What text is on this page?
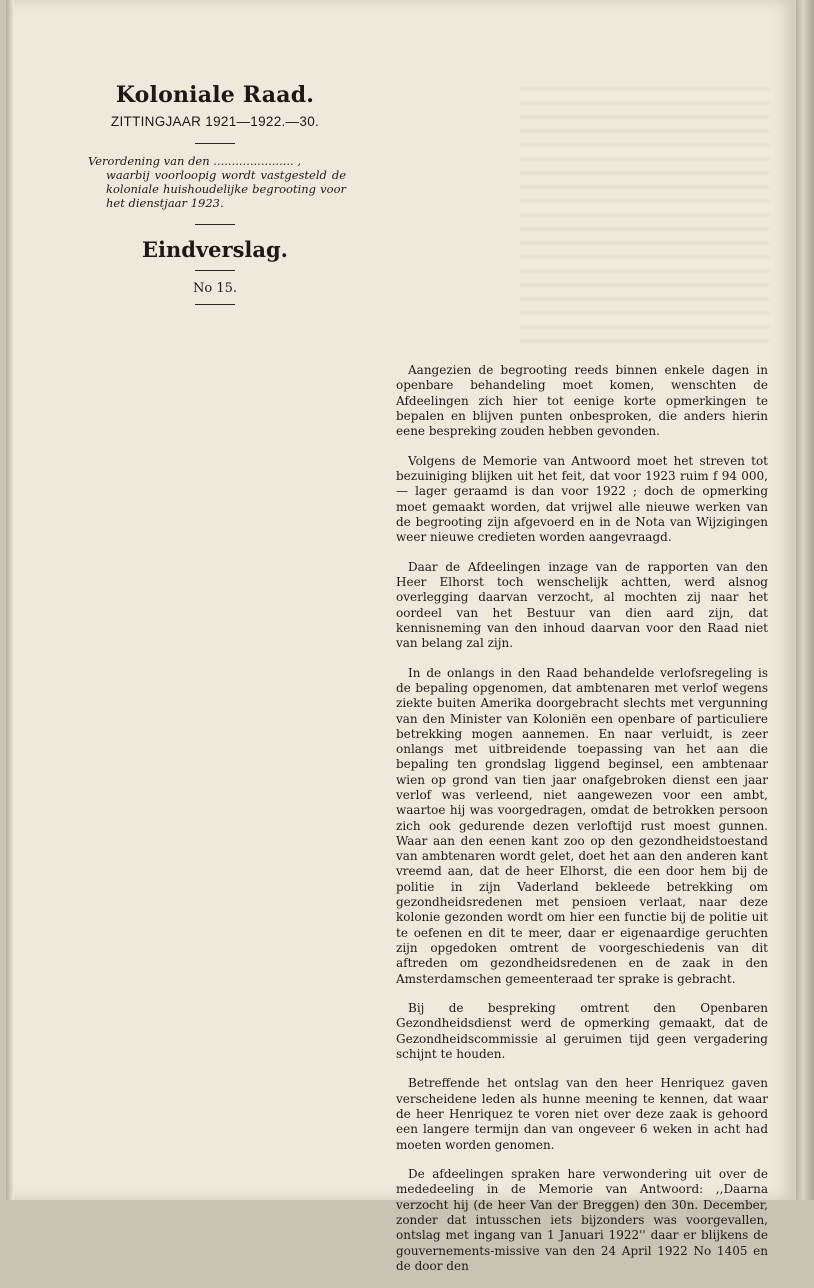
Koloniale Raad.
ZITTINGJAAR 1921—1922.—30.
Verordening van den ...................... ,
waarbij voorloopig wordt vastgesteld de koloniale huishoudelijke begrooting voor het dienstjaar 1923.
Eindverslag.
No 15.

Aangezien de begrooting reeds binnen enkele dagen in openbare behandeling moet komen, wenschten de Afdeelingen zich hier tot eenige korte opmerkingen te bepalen en blijven punten onbesproken, die anders hierin eene bespreking zouden hebben gevonden.

Volgens de Memorie van Antwoord moet het streven tot bezuiniging blijken uit het feit, dat voor 1923 ruim f 94 000,— lager geraamd is dan voor 1922 ; doch de opmerking moet gemaakt worden, dat vrijwel alle nieuwe werken van de begrooting zijn afgevoerd en in de Nota van Wijzigingen weer nieuwe credieten worden aangevraagd.

Daar de Afdeelingen inzage van de rapporten van den Heer Elhorst toch wenschelijk achtten, werd alsnog overlegging daarvan verzocht, al mochten zij naar het oordeel van het Bestuur van dien aard zijn, dat kennisneming van den inhoud daarvan voor den Raad niet van belang zal zijn.

In de onlangs in den Raad behandelde verlofsregeling is de bepaling opgenomen, dat ambtenaren met verlof wegens ziekte buiten Amerika doorgebracht slechts met vergunning van den Minister van Koloniën een openbare of particuliere betrekking mogen aannemen. En naar verluidt, is zeer onlangs met uitbreidende toepassing van het aan die bepaling ten grondslag liggend beginsel, een ambtenaar wien op grond van tien jaar onafgebroken dienst een jaar verlof was verleend, niet aangewezen voor een ambt, waartoe hij was voorgedragen, omdat de betrokken persoon zich ook gedurende dezen verloftijd rust moest gunnen. Waar aan den eenen kant zoo op den gezondheidstoestand van ambtenaren wordt gelet, doet het aan den anderen kant vreemd aan, dat de heer Elhorst, die een door hem bij de politie in zijn Vaderland bekleede betrekking om gezondheidsredenen met pensioen verlaat, naar deze kolonie gezonden wordt om hier een functie bij de politie uit te oefenen en dit te meer, daar er eigenaardige geruchten zijn opgedoken omtrent de voorgeschiedenis van dit aftreden om gezondheidsredenen en de zaak in den Amsterdamschen gemeenteraad ter sprake is gebracht.

Bij de bespreking omtrent den Openbaren Gezondheidsdienst werd de opmerking gemaakt, dat de Gezondheidscommissie al geruimen tijd geen vergadering schijnt te houden.

Betreffende het ontslag van den heer Henriquez gaven verscheidene leden als hunne meening te kennen, dat waar de heer Henriquez te voren niet over deze zaak is gehoord een langere termijn dan van ongeveer 6 weken in acht had moeten worden genomen.

De afdeelingen spraken hare verwondering uit over de mededeeling in de Memorie van Antwoord: ,,Daarna verzocht hij (de heer Van der Breggen) den 30n. December, zonder dat intusschen iets bijzonders was voorgevallen, ontslag met ingang van 1 Januari 1922'' daar er blijkens de gouvernements-missive van den 24 April 1922 No 1405 en de door den
